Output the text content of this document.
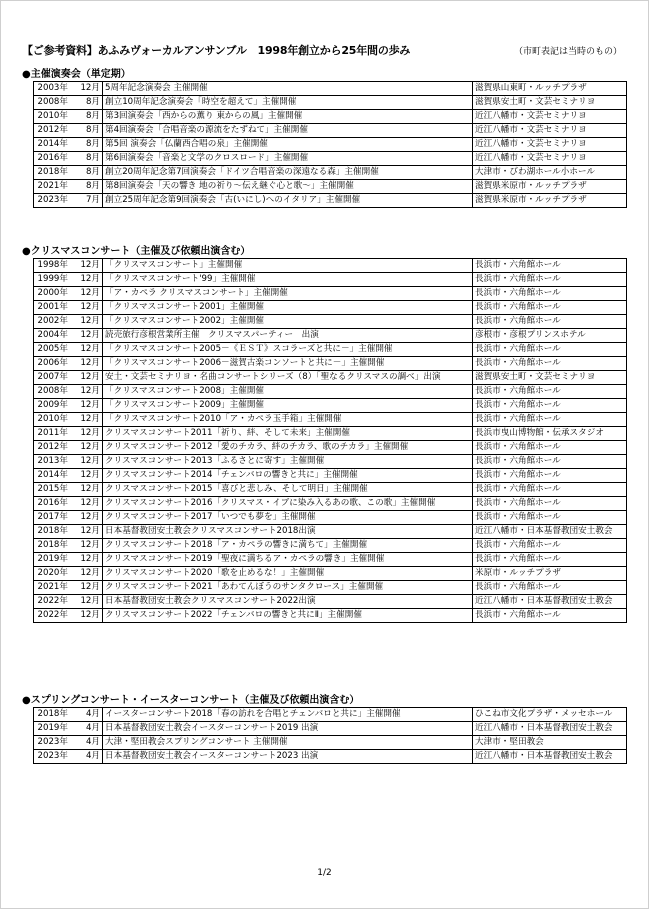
【ご参考資料】あふみヴォーカルアンサンブル　1998年創立から25年間の歩み	（市町表記は当時のもの）
●主催演奏会（単定期）
2003年	12月	5周年記念演奏会 主催開催	滋賀県山東町・ルッチプラザ
2008年	8月	創立10周年記念演奏会「時空を超えて」主催開催	滋賀県安土町・文芸セミナリヨ
2010年	8月	第3回演奏会「西からの薫り 東からの風」主催開催	近江八幡市・文芸セミナリヨ
2012年	8月	第4回演奏会「合唱音楽の源流をたずねて」主催開催	近江八幡市・文芸セミナリヨ
2014年	8月	第5回 演奏会「仏蘭西合唱の泉」主催開催	近江八幡市・文芸セミナリヨ
2016年	8月	第6回演奏会「音楽と文学のクロスロード」主催開催	近江八幡市・文芸セミナリヨ
2018年	8月	創立20周年記念第7回演奏会「ドイツ合唱音楽の深遠なる森」主催開催	大津市・びわ湖ホール小ホール
2021年	8月	第8回演奏会「天の響き 地の祈り～伝え継ぐ心と歌～」主催開催	滋賀県米原市・ルッチプラザ
2023年	7月	創立25周年記念第9回演奏会「古(いにし)へのイタリア」主催開催	滋賀県米原市・ルッチプラザ
●クリスマスコンサート（主催及び依頼出演含む）
1998年	12月	「クリスマスコンサート」主催開催	長浜市・六角館ホール
1999年	12月	「クリスマスコンサート'99」主催開催	長浜市・六角館ホール
2000年	12月	「ア・カペラ クリスマスコンサート」主催開催	長浜市・六角館ホール
2001年	12月	「クリスマスコンサート2001」主催開催	長浜市・六角館ホール
2002年	12月	「クリスマスコンサート2002」主催開催	長浜市・六角館ホール
2004年	12月	読売旅行彦根営業所主催　クリスマスパーティー　出演	彦根市・彦根プリンスホテル
2005年	12月	「クリスマスコンサート2005－《ＥＳＴ》スコラーズと共に－」主催開催	長浜市・六角館ホール
2006年	12月	「クリスマスコンサート2006－滋賀古楽コンソートと共に－」主催開催	長浜市・六角館ホール
2007年	12月	安土・文芸セミナリヨ・名曲コンサートシリーズ（8）「聖なるクリスマスの調べ」出演	滋賀県安土町・文芸セミナリヨ
2008年	12月	「クリスマスコンサート2008」主催開催	長浜市・六角館ホール
2009年	12月	「クリスマスコンサート2009」主催開催	長浜市・六角館ホール
2010年	12月	「クリスマスコンサート2010「ア・カペラ玉手箱」主催開催	長浜市・六角館ホール
2011年	12月	クリスマスコンサート2011「祈り、絆、そして未来」主催開催	長浜市曳山博物館・伝承スタジオ
2012年	12月	クリスマスコンサート2012「愛のチカラ、絆のチカラ、歌のチカラ」主催開催	長浜市・六角館ホール
2013年	12月	クリスマスコンサート2013「ふるさとに寄す」主催開催	長浜市・六角館ホール
2014年	12月	クリスマスコンサート2014「チェンバロの響きと共に」主催開催	長浜市・六角館ホール
2015年	12月	クリスマスコンサート2015「喜びと悲しみ、そして明日」主催開催	長浜市・六角館ホール
2016年	12月	クリスマスコンサート2016「クリスマス・イブに染み入るあの歌、この歌」主催開催	長浜市・六角館ホール
2017年	12月	クリスマスコンサート2017「いつでも夢を」主催開催	長浜市・六角館ホール
2018年	12月	日本基督教団安土教会クリスマスコンサート2018出演	近江八幡市・日本基督教団安土教会
2018年	12月	クリスマスコンサート2018「ア・カペラの響きに満ちて」主催開催	長浜市・六角館ホール
2019年	12月	クリスマスコンサート2019「聖夜に満ちるア・カペラの響き」主催開催	長浜市・六角館ホール
2020年	12月	クリスマスコンサート2020「歌を止めるな！」主催開催	米原市・ルッチプラザ
2021年	12月	クリスマスコンサート2021「あわてんぼうのサンタクロース」主催開催	長浜市・六角館ホール
2022年	12月	日本基督教団安土教会クリスマスコンサート2022出演	近江八幡市・日本基督教団安土教会
2022年	12月	クリスマスコンサート2022「チェンバロの響きと共にⅡ」主催開催	長浜市・六角館ホール
●スプリングコンサート・イースターコンサート（主催及び依頼出演含む）
2018年	4月	イースターコンサート2018「春の訪れを合唱とチェンバロと共に」主催開催	ひこね市文化プラザ・メッセホール
2019年	4月	日本基督教団安土教会イースターコンサート2019 出演	近江八幡市・日本基督教団安土教会
2023年	4月	大津・堅田教会スプリングコンサート 主催開催	大津市・堅田教会
2023年	4月	日本基督教団安土教会イースターコンサート2023 出演	近江八幡市・日本基督教団安土教会
1/2
